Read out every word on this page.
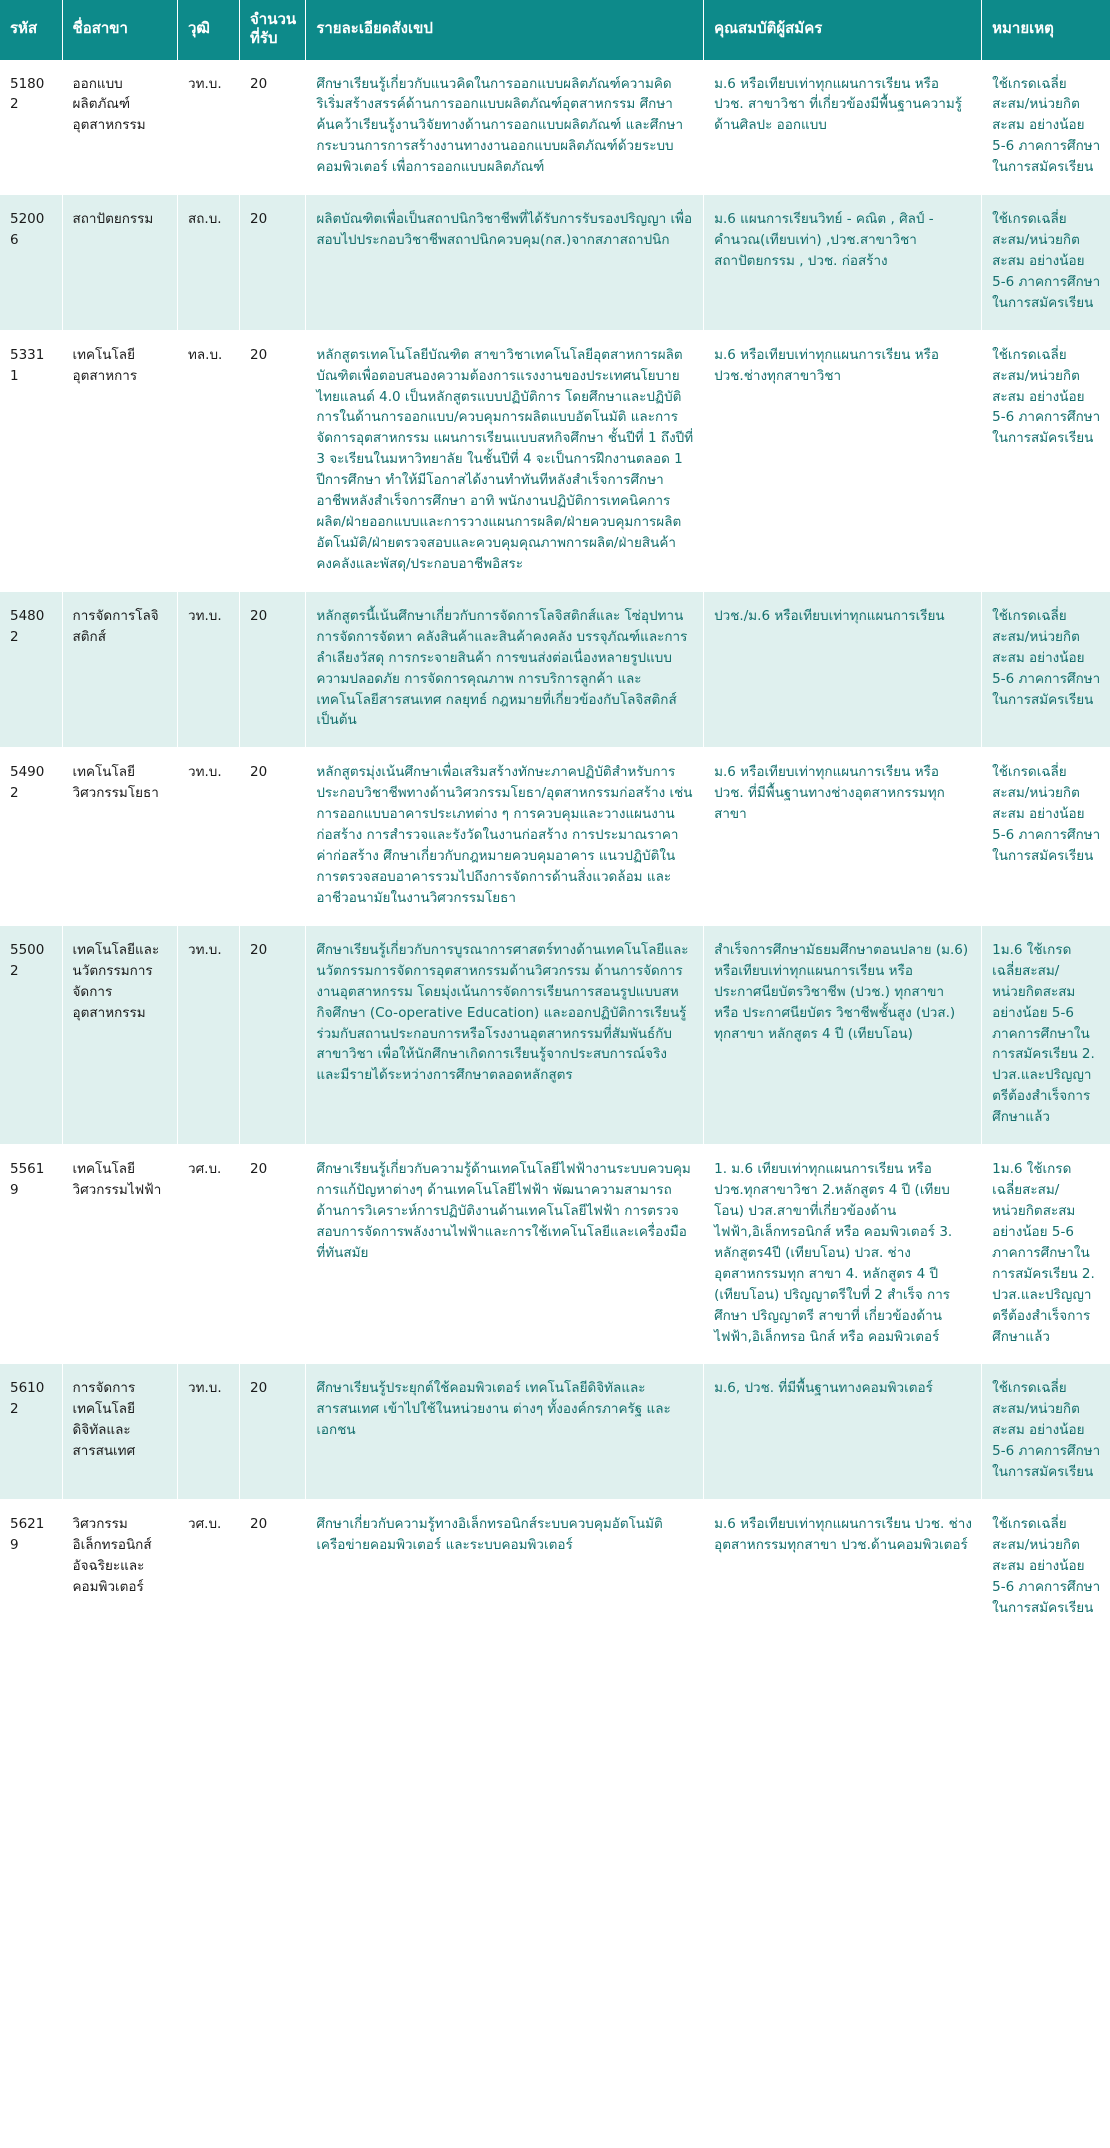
รหัส	ชื่อสาขา	วุฒิ	จำนวนที่รับ	รายละเอียดสังเขป	คุณสมบัติผู้สมัคร	หมายเหตุ
51802	ออกแบบผลิตภัณฑ์อุตสาหกรรม	วท.บ.	20	ศึกษาเรียนรู้เกี่ยวกับแนวคิดในการออกแบบผลิตภัณฑ์ความคิดริเริ่มสร้างสรรค์ด้านการออกแบบผลิตภัณฑ์อุตสาหกรรม ศึกษาค้นคว้าเรียนรู้งานวิจัยทางด้านการออกแบบผลิตภัณฑ์ และศึกษากระบวนการการสร้างงานทางงานออกแบบผลิตภัณฑ์ด้วยระบบคอมพิวเตอร์ เพื่อการออกแบบผลิตภัณฑ์	ม.6 หรือเทียบเท่าทุกแผนการเรียน หรือ ปวช. สาขาวิชา ที่เกี่ยวข้องมีพื้นฐานความรู้ด้านศิลปะ ออกแบบ	ใช้เกรดเฉลี่ยสะสม/หน่วยกิตสะสม อย่างน้อย 5-6 ภาคการศึกษา ในการสมัครเรียน
52006	สถาปัตยกรรม	สถ.บ.	20	ผลิตบัณฑิตเพื่อเป็นสถาปนิกวิชาชีพที่ได้รับการรับรองปริญญา เพื่อสอบไปประกอบวิชาชีพสถาปนิกควบคุม(กส.)จากสภาสถาปนิก	ม.6 แผนการเรียนวิทย์ - คณิต , ศิลป์ - คำนวณ(เทียบเท่า) ,ปวช.สาขาวิชาสถาปัตยกรรม , ปวช. ก่อสร้าง	ใช้เกรดเฉลี่ยสะสม/หน่วยกิตสะสม อย่างน้อย 5-6 ภาคการศึกษา ในการสมัครเรียน
53311	เทคโนโลยีอุตสาหการ	ทล.บ.	20	หลักสูตรเทคโนโลยีบัณฑิต สาขาวิชาเทคโนโลยีอุตสาหการผลิตบัณฑิตเพื่อตอบสนองความต้องการแรงงานของประเทศนโยบายไทยแลนด์ 4.0 เป็นหลักสูตรแบบปฏิบัติการ โดยศึกษาและปฏิบัติการในด้านการออกแบบ/ควบคุมการผลิตแบบอัตโนมัติ และการจัดการอุตสาหกรรม แผนการเรียนแบบสหกิจศึกษา ชั้นปีที่ 1 ถึงปีที่ 3 จะเรียนในมหาวิทยาลัย ในชั้นปีที่ 4 จะเป็นการฝึกงานตลอด 1 ปีการศึกษา ทำให้มีโอกาสได้งานทำทันทีหลังสำเร็จการศึกษา อาชีพหลังสำเร็จการศึกษา อาทิ พนักงานปฏิบัติการเทคนิคการผลิต/ฝ่ายออกแบบและการวางแผนการผลิต/ฝ่ายควบคุมการผลิตอัตโนมัติ/ฝ่ายตรวจสอบและควบคุมคุณภาพการผลิต/ฝ่ายสินค้าคงคลังและพัสดุ/ประกอบอาชีพอิสระ	ม.6 หรือเทียบเท่าทุกแผนการเรียน หรือ ปวช.ช่างทุกสาขาวิชา	ใช้เกรดเฉลี่ยสะสม/หน่วยกิตสะสม อย่างน้อย 5-6 ภาคการศึกษา ในการสมัครเรียน
54802	การจัดการโลจิสติกส์	วท.บ.	20	หลักสูตรนี้เน้นศึกษาเกี่ยวกับการจัดการโลจิสติกส์และ โซ่อุปทาน การจัดการจัดหา คลังสินค้าและสินค้าคงคลัง บรรจุภัณฑ์และการลำเลียงวัสดุ การกระจายสินค้า การขนส่งต่อเนื่องหลายรูปแบบ ความปลอดภัย การจัดการคุณภาพ การบริการลูกค้า และเทคโนโลยีสารสนเทศ กลยุทธ์ กฎหมายที่เกี่ยวข้องกับโลจิสติกส์ เป็นต้น	ปวช./ม.6 หรือเทียบเท่าทุกแผนการเรียน	ใช้เกรดเฉลี่ยสะสม/หน่วยกิตสะสม อย่างน้อย 5-6 ภาคการศึกษา ในการสมัครเรียน
54902	เทคโนโลยีวิศวกรรมโยธา	วท.บ.	20	หลักสูตรมุ่งเน้นศึกษาเพื่อเสริมสร้างทักษะภาคปฏิบัติสำหรับการประกอบวิชาชีพทางด้านวิศวกรรมโยธา/อุตสาหกรรมก่อสร้าง เช่น การออกแบบอาคารประเภทต่าง ๆ การควบคุมและวางแผนงานก่อสร้าง การสำรวจและรังวัดในงานก่อสร้าง การประมาณราคาค่าก่อสร้าง ศึกษาเกี่ยวกับกฎหมายควบคุมอาคาร แนวปฏิบัติในการตรวจสอบอาคารรวมไปถึงการจัดการด้านสิ่งแวดล้อม และอาชีวอนามัยในงานวิศวกรรมโยธา	ม.6 หรือเทียบเท่าทุกแผนการเรียน หรือ ปวช. ที่มีพื้นฐานทางช่างอุตสาหกรรมทุกสาขา	ใช้เกรดเฉลี่ยสะสม/หน่วยกิตสะสม อย่างน้อย 5-6 ภาคการศึกษา ในการสมัครเรียน
55002	เทคโนโลยีและนวัตกรรมการจัดการอุตสาหกรรม	วท.บ.	20	ศึกษาเรียนรู้เกี่ยวกับการบูรณาการศาสตร์ทางด้านเทคโนโลยีและนวัตกรรมการจัดการอุตสาหกรรมด้านวิศวกรรม ด้านการจัดการงานอุตสาหกรรม โดยมุ่งเน้นการจัดการเรียนการสอนรูปแบบสหกิจศึกษา (Co-operative Education) และออกปฏิบัติการเรียนรู้ร่วมกับสถานประกอบการหรือโรงงานอุตสาหกรรมที่สัมพันธ์กับสาขาวิชา เพื่อให้นักศึกษาเกิดการเรียนรู้จากประสบการณ์จริง และมีรายได้ระหว่างการศึกษาตลอดหลักสูตร	สำเร็จการศึกษามัธยมศึกษาตอนปลาย (ม.6) หรือเทียบเท่าทุกแผนการเรียน หรือ ประกาศนียบัตรวิชาชีพ (ปวช.) ทุกสาขา หรือ ประกาศนียบัตร วิชาชีพชั้นสูง (ปวส.) ทุกสาขา หลักสูตร 4 ปี (เทียบโอน)	1ม.6 ใช้เกรดเฉลี่ยสะสม/หน่วยกิตสะสมอย่างน้อย 5-6 ภาคการศึกษาในการสมัครเรียน 2. ปวส.และปริญญาตรีต้องสำเร็จการศึกษาแล้ว
55619	เทคโนโลยีวิศวกรรมไฟฟ้า	วศ.บ.	20	ศึกษาเรียนรู้เกี่ยวกับความรู้ด้านเทคโนโลยีไฟฟ้างานระบบควบคุมการแก้ปัญหาต่างๆ ด้านเทคโนโลยีไฟฟ้า พัฒนาความสามารถด้านการวิเคราะห์การปฏิบัติงานด้านเทคโนโลยีไฟฟ้า การตรวจสอบการจัดการพลังงานไฟฟ้าและการใช้เทคโนโลยีและเครื่องมือที่ทันสมัย	1. ม.6 เทียบเท่าทุกแผนการเรียน หรือ ปวช.ทุกสาขาวิชา 2.หลักสูตร 4 ปี (เทียบโอน) ปวส.สาขาที่เกี่ยวข้องด้านไฟฟ้า,อิเล็กทรอนิกส์ หรือ คอมพิวเตอร์ 3. หลักสูตร4ปี (เทียบโอน) ปวส. ช่างอุตสาหกรรมทุก สาขา 4. หลักสูตร 4 ปี (เทียบโอน) ปริญญาตรีใบที่ 2 สำเร็จ การศึกษา ปริญญาตรี สาขาที่ เกี่ยวข้องด้านไฟฟ้า,อิเล็กทรอ นิกส์ หรือ คอมพิวเตอร์	1ม.6 ใช้เกรดเฉลี่ยสะสม/หน่วยกิตสะสมอย่างน้อย 5-6 ภาคการศึกษาในการสมัครเรียน 2. ปวส.และปริญญาตรีต้องสำเร็จการศึกษาแล้ว
56102	การจัดการเทคโนโลยีดิจิทัลและสารสนเทศ	วท.บ.	20	ศึกษาเรียนรู้ประยุกต์ใช้คอมพิวเตอร์ เทคโนโลยีดิจิทัลและ สารสนเทศ เข้าไปใช้ในหน่วยงาน ต่างๆ ทั้งองค์กรภาครัฐ และเอกชน	ม.6, ปวช. ที่มีพื้นฐานทางคอมพิวเตอร์	ใช้เกรดเฉลี่ยสะสม/หน่วยกิตสะสม อย่างน้อย 5-6 ภาคการศึกษา ในการสมัครเรียน
56219	วิศวกรรมอิเล็กทรอนิกส์อัจฉริยะและคอมพิวเตอร์	วศ.บ.	20	ศึกษาเกี่ยวกับความรู้ทางอิเล็กทรอนิกส์ระบบควบคุมอัตโนมัติ เครือข่ายคอมพิวเตอร์ และระบบคอมพิวเตอร์	ม.6 หรือเทียบเท่าทุกแผนการเรียน ปวช. ช่างอุตสาหกรรมทุกสาขา ปวช.ด้านคอมพิวเตอร์	ใช้เกรดเฉลี่ยสะสม/หน่วยกิตสะสม อย่างน้อย 5-6 ภาคการศึกษา ในการสมัครเรียน
